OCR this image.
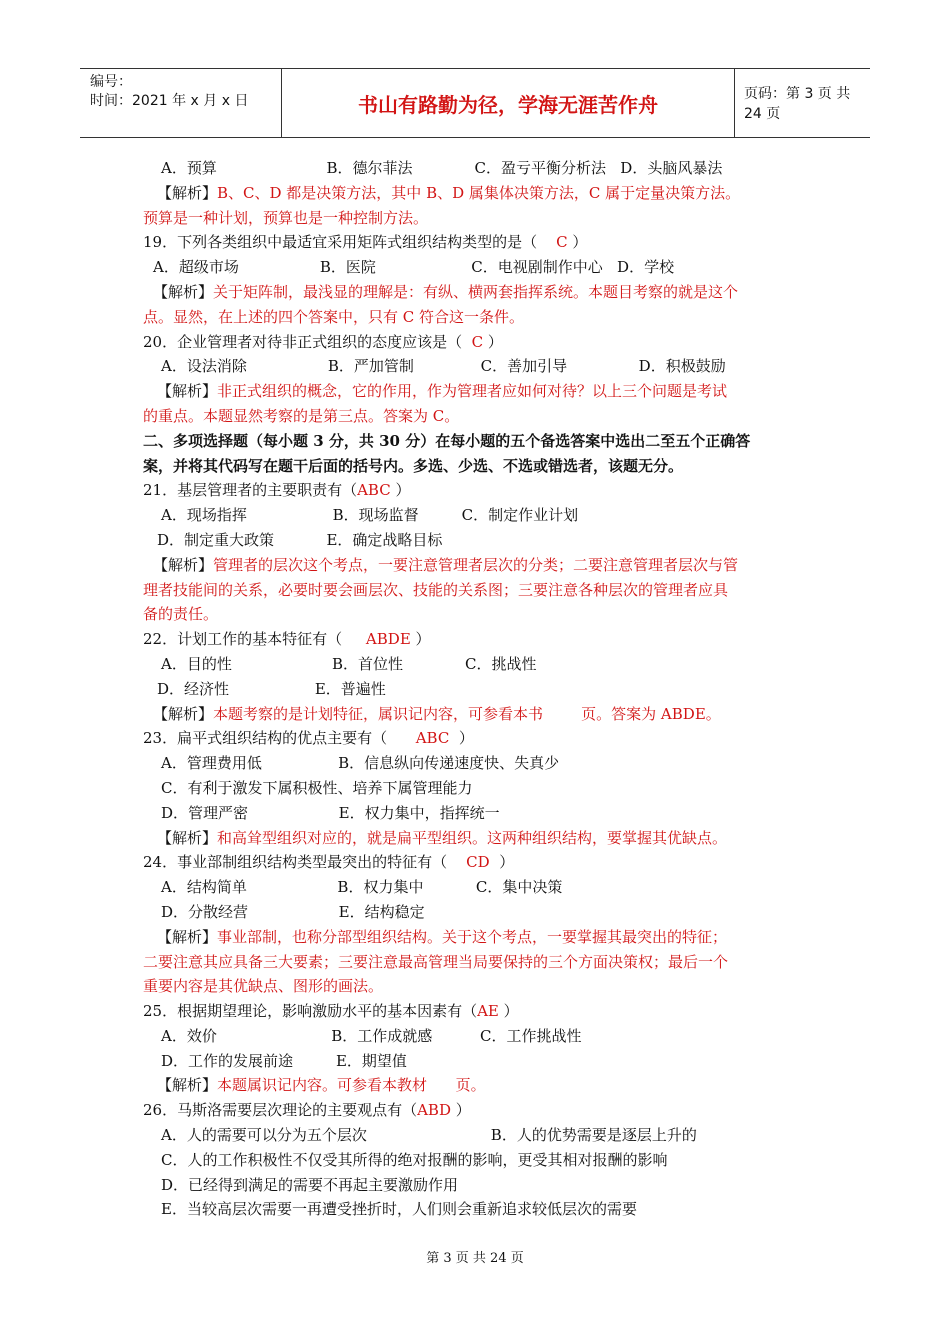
编号：
时间：2021 年 x 月 x 日	书山有路勤为径，学海无涯苦作舟	页码：第 3 页 共 24 页
A．预算                       B．德尔菲法             C．盈亏平衡分析法   D．头脑风暴法
【解析】B、C、D 都是决策方法，其中 B、D 属集体决策方法，C 属于定量决策方法。
预算是一种计划，预算也是一种控制方法。
19．下列各类组织中最适宜采用矩阵式组织结构类型的是（    C ）
A．超级市场                 B．医院                    C．电视剧制作中心   D．学校
【解析】关于矩阵制，最浅显的理解是：有纵、横两套指挥系统。本题目考察的就是这个
点。显然，在上述的四个答案中，只有 C 符合这一条件。
20．企业管理者对待非正式组织的态度应该是（  C ）
A．设法消除                 B．严加管制              C．善加引导               D．积极鼓励
【解析】非正式组织的概念，它的作用，作为管理者应如何对待？以上三个问题是考试
的重点。本题显然考察的是第三点。答案为 C。
二、多项选择题（每小题 3 分，共 30 分）在每小题的五个备选答案中选出二至五个正确答
案，并将其代码写在题干后面的括号内。多选、少选、不选或错选者，该题无分。
21．基层管理者的主要职责有（ABC ）
A．现场指挥                  B．现场监督         C．制定作业计划
D．制定重大政策           E．确定战略目标
【解析】管理者的层次这个考点，一要注意管理者层次的分类；二要注意管理者层次与管
理者技能间的关系，必要时要会画层次、技能的关系图；三要注意各种层次的管理者应具
备的责任。
22．计划工作的基本特征有（     ABDE ）
A．目的性                     B．首位性             C．挑战性
D．经济性                  E．普遍性
【解析】本题考察的是计划特征，属识记内容，可参看本书        页。答案为 ABDE。
23．扁平式组织结构的优点主要有（      ABC  ）
A．管理费用低                B．信息纵向传递速度快、失真少
C．有利于激发下属积极性、培养下属管理能力
D．管理严密                   E．权力集中，指挥统一
【解析】和高耸型组织对应的，就是扁平型组织。这两种组织结构，要掌握其优缺点。
24．事业部制组织结构类型最突出的特征有（    CD  ）
A．结构简单                   B．权力集中           C．集中决策
D．分散经营                   E．结构稳定
【解析】事业部制，也称分部型组织结构。关于这个考点，一要掌握其最突出的特征；
二要注意其应具备三大要素；三要注意最高管理当局要保持的三个方面决策权；最后一个
重要内容是其优缺点、图形的画法。
25．根据期望理论，影响激励水平的基本因素有（AE ）
A．效价                        B．工作成就感          C．工作挑战性
D．工作的发展前途         E．期望值
【解析】本题属识记内容。可参看本教材      页。
26．马斯洛需要层次理论的主要观点有（ABD ）
A．人的需要可以分为五个层次                          B．人的优势需要是逐层上升的
C．人的工作积极性不仅受其所得的绝对报酬的影响，更受其相对报酬的影响
D．已经得到满足的需要不再起主要激励作用
E．当较高层次需要一再遭受挫折时，人们则会重新追求较低层次的需要
第 3 页 共 24 页
